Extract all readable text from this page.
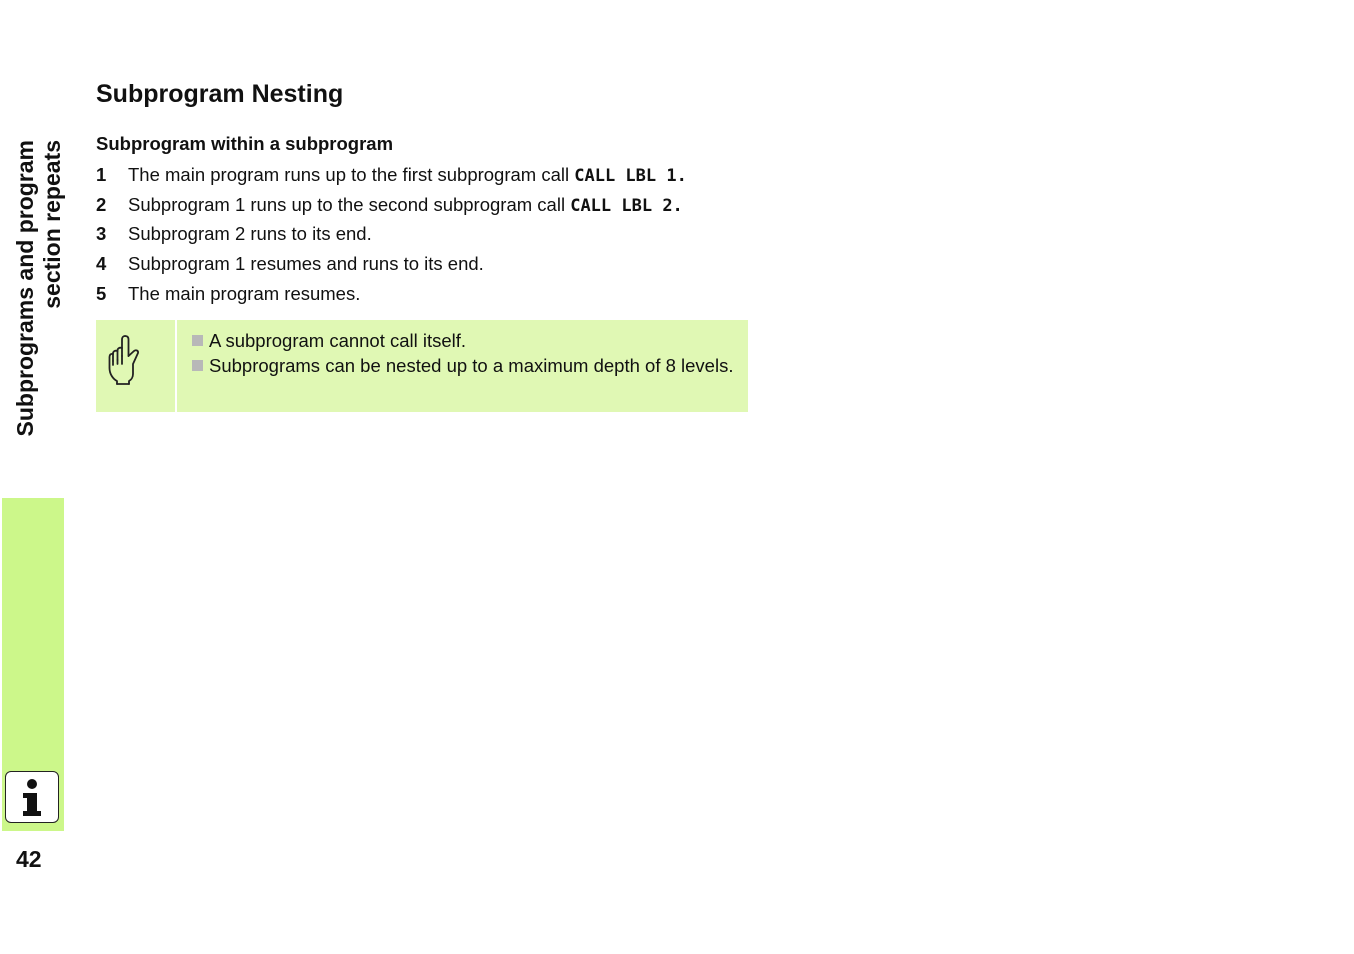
Subprograms and program section repeats
42
Subprogram Nesting
Subprogram within a subprogram
1 The main program runs up to the first subprogram call CALL LBL 1.
2 Subprogram 1 runs up to the second subprogram call CALL LBL 2.
3 Subprogram 2 runs to its end.
4 Subprogram 1 resumes and runs to its end.
5 The main program resumes.
A subprogram cannot call itself.
Subprograms can be nested up to a maximum depth of 8 levels.
